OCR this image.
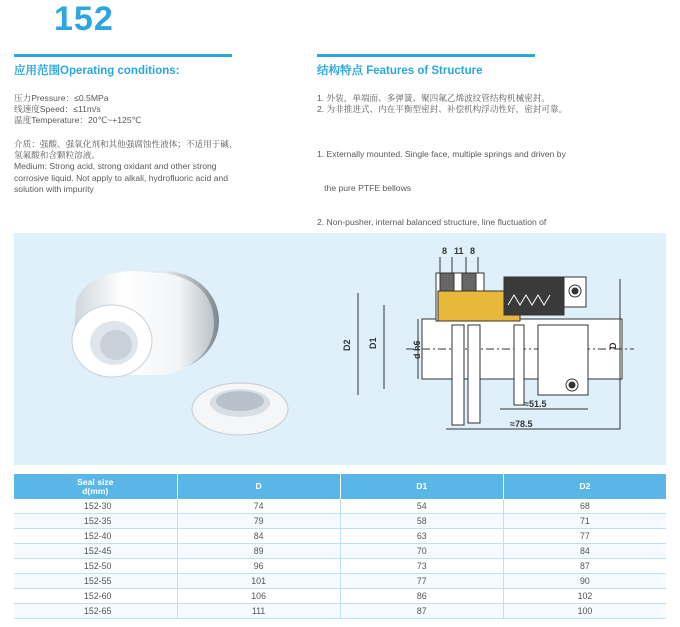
152
应用范围Operating conditions:

压力Pressure：≤0.5MPa

线速度Speed：≤11m/s

温度Temperature：20℃~+125℃

介质：强酸、强氧化剂和其他强腐蚀性液体；不适用于碱、

氢氟酸和含颗粒溶液。

Medium: Strong acid, strong oxidant and other strong

corrosive liquid. Not apply to alkali, hydrofluoric acid and

solution with impurity

结构特点 Features of Structure

1. 外装，单端面、多弹簧、聚四氟乙烯波纹管结构机械密封。

2. 为非推进式、内在平衡型密封、补偿机构浮动性好，密封可靠。

1. Externally mounted. Single face, multiple springs and driven by

the pure PTFE bellows

2. Non-pusher, internal balanced structure, line fluctuation of

8 11 8
D2 D1	d h6	D
≈51.5
≈78.5
Seal size
d(mm)	D	D1	D2
152-30	74	54	68
152-35	79	58	71
152-40	84	63	77
152-45	89	70	84
152-50	96	73	87
152-55	101	77	90
152-60	106	86	102
152-65	111	87	100
